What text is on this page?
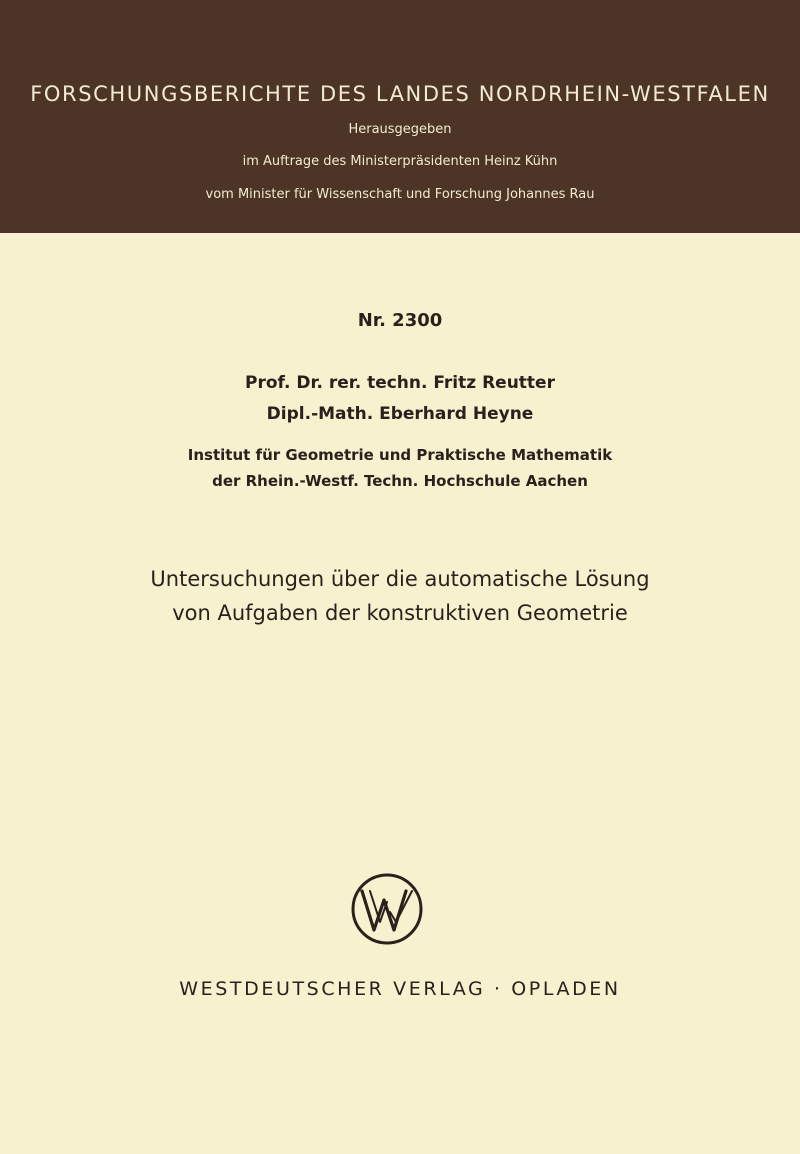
FORSCHUNGSBERICHTE DES LANDES NORDRHEIN-WESTFALEN
Herausgegeben
im Auftrage des Ministerpräsidenten Heinz Kühn
vom Minister für Wissenschaft und Forschung Johannes Rau
Nr. 2300
Prof. Dr. rer. techn. Fritz Reutter
Dipl.-Math. Eberhard Heyne
Institut für Geometrie und Praktische Mathematik
der Rhein.-Westf. Techn. Hochschule Aachen
Untersuchungen über die automatische Lösung
von Aufgaben der konstruktiven Geometrie
WESTDEUTSCHER VERLAG · OPLADEN
